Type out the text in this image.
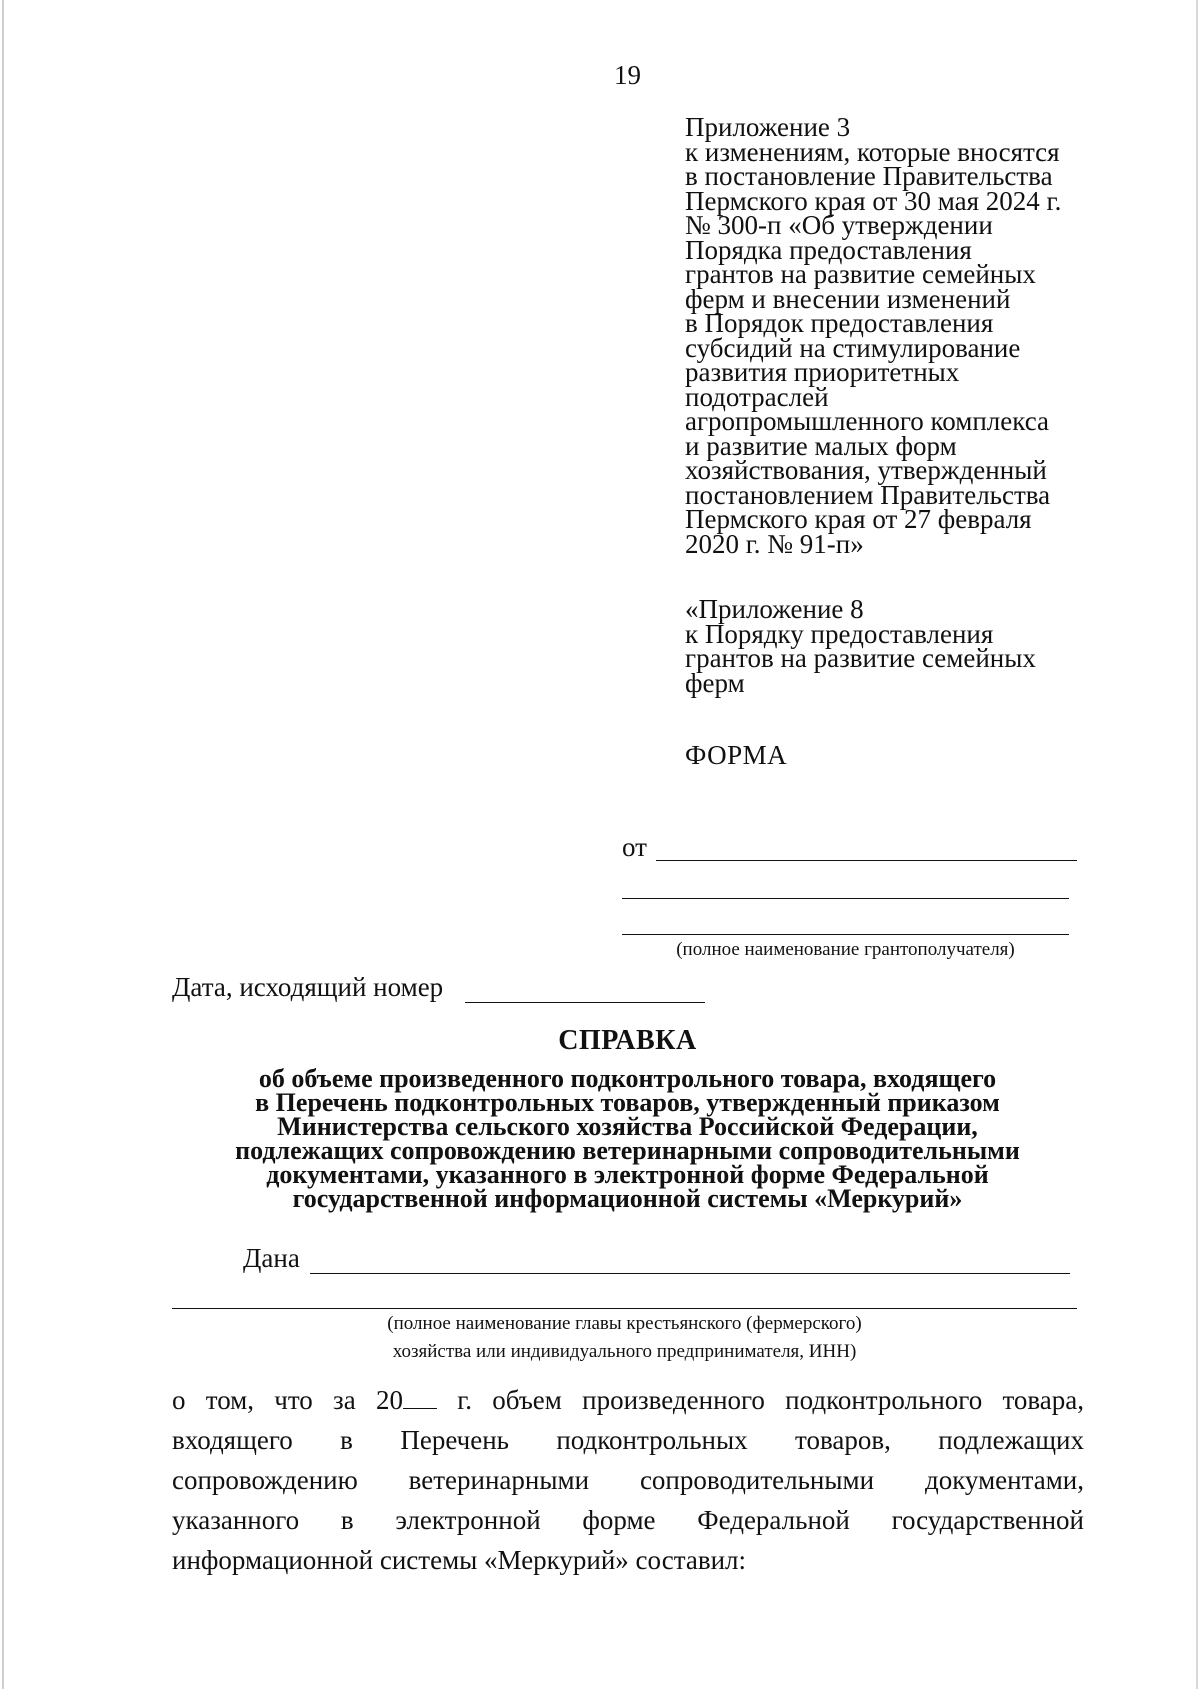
19
Приложение 3
к изменениям, которые вносятся
в постановление Правительства
Пермского края от 30 мая 2024 г.
№ 300-п «Об утверждении
Порядка предоставления
грантов на развитие семейных
ферм и внесении изменений
в Порядок предоставления
субсидий на стимулирование
развития приоритетных
подотраслей
агропромышленного комплекса
и развитие малых форм
хозяйствования, утвержденный
постановлением Правительства
Пермского края от 27 февраля
2020 г. № 91-п»
«Приложение 8
к Порядку предоставления
грантов на развитие семейных
ферм
ФОРМА
от
(полное наименование грантополучателя)
Дата, исходящий номер
СПРАВКА
об объеме произведенного подконтрольного товара, входящего
в Перечень подконтрольных товаров, утвержденный приказом
Министерства сельского хозяйства Российской Федерации,
подлежащих сопровождению ветеринарными сопроводительными
документами, указанного в электронной форме Федеральной
государственной информационной системы «Меркурий»
Дана
(полное наименование главы крестьянского (фермерского)
хозяйства или индивидуального предпринимателя, ИНН)
о том, что за 20 г. объем произведенного подконтрольного товара,
входящего в Перечень подконтрольных товаров, подлежащих
сопровождению ветеринарными сопроводительными документами,
указанного в электронной форме Федеральной государственной
информационной системы «Меркурий» составил:
